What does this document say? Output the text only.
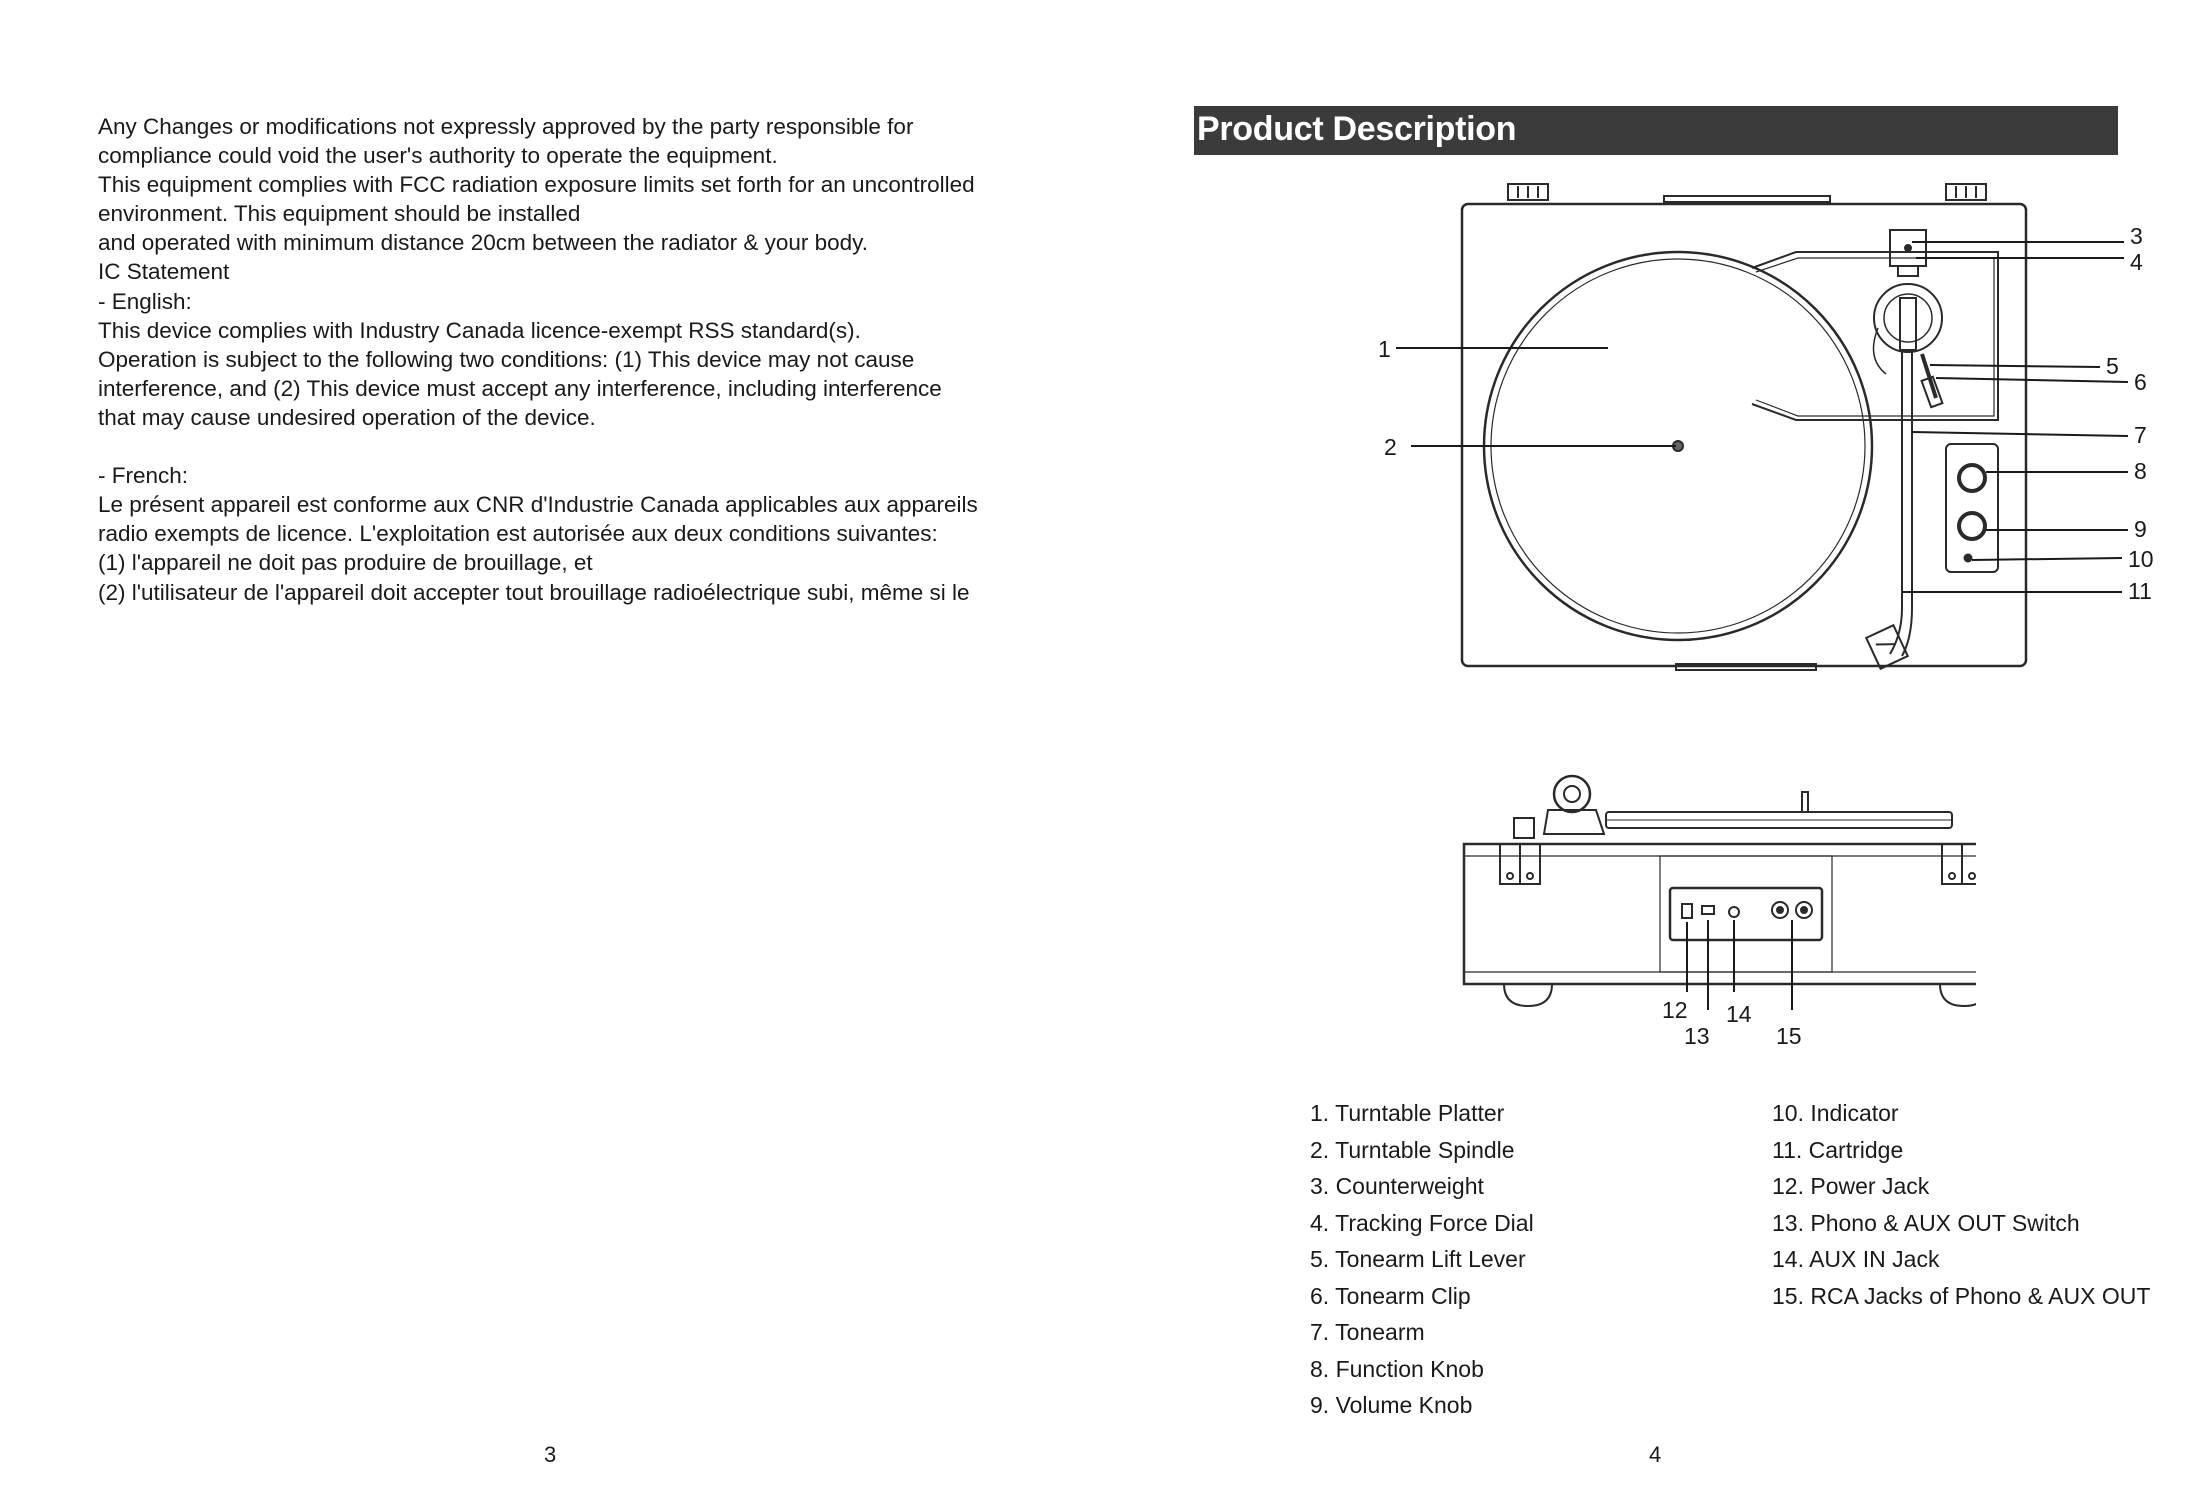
Any Changes or modifications not expressly approved by the party responsible for
compliance could void the user's authority to operate the equipment.
This equipment complies with FCC radiation exposure limits set forth for an uncontrolled
environment. This equipment should be installed
and operated with minimum distance 20cm between the radiator & your body.
IC Statement
- English:
This device complies with Industry Canada licence-exempt RSS standard(s).
Operation is subject to the following two conditions: (1) This device may not cause
interference, and (2) This device must accept any interference, including interference
that may cause undesired operation of the device.
- French:
Le présent appareil est conforme aux CNR d'Industrie Canada applicables aux appareils
radio exempts de licence. L'exploitation est autorisée aux deux conditions suivantes:
(1) l'appareil ne doit pas produire de brouillage, et
(2) l'utilisateur de l'appareil doit accepter tout brouillage radioélectrique subi, même si le
3
Product Description
1
2
3
4
5
6
7
8
9
10
11
12
13
14
15
1. Turntable Platter
2. Turntable Spindle
3. Counterweight
4. Tracking Force Dial
5. Tonearm Lift Lever
6. Tonearm Clip
7. Tonearm
8. Function Knob
9. Volume Knob
10. Indicator
11. Cartridge
12. Power Jack
13. Phono & AUX OUT Switch
14. AUX IN Jack
15. RCA Jacks of Phono & AUX OUT
4
